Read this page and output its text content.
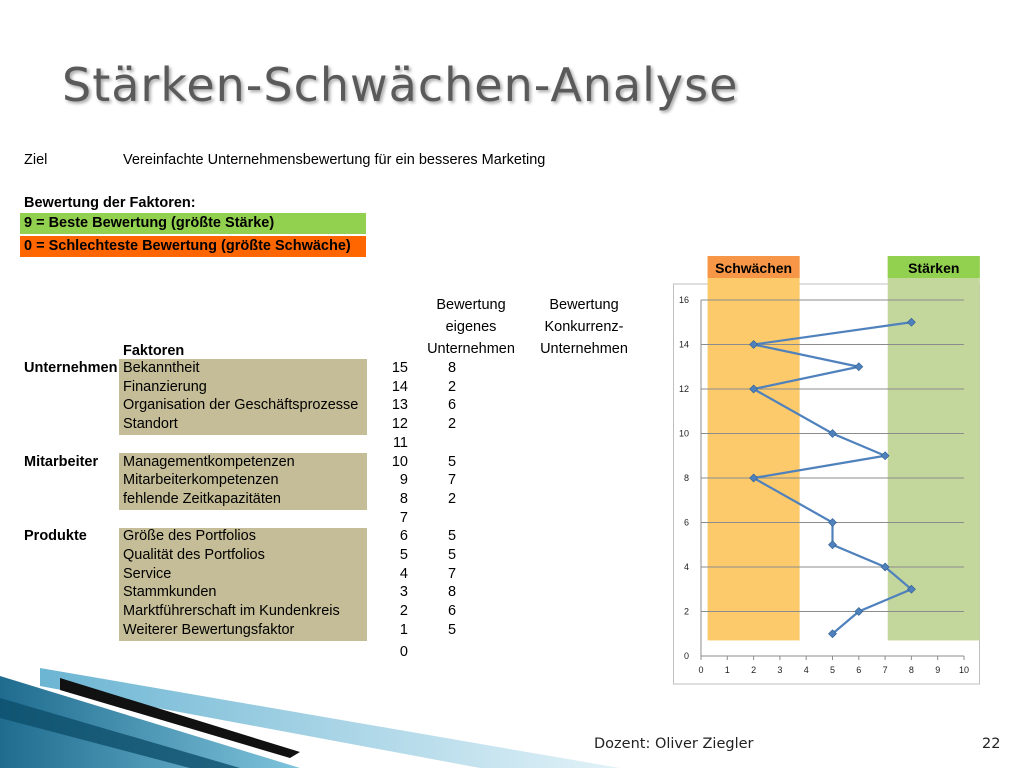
Stärken-Schwächen-Analyse
Ziel	Vereinfachte Unternehmensbewertung für ein besseres Marketing
Bewertung der Faktoren:
9 = Beste Bewertung (größte Stärke)
0 = Schlechteste Bewertung (größte Schwäche)
Faktoren
Bewertung
eigenes
Unternehmen
Bewertung
Konkurrenz-
Unternehmen
Unternehmen Bekanntheit	15	8
Finanzierung	14	2
Organisation der Geschäftsprozesse	13	6
Standort	12	2
11
Mitarbeiter	Managementkompetenzen	10	5
Mitarbeiterkompetenzen	9	7
fehlende Zeitkapazitäten	8	2
7
Produkte	Größe des Portfolios	6	5
Qualität des Portfolios	5	5
Service	4	7
Stammkunden	3	8
Marktführerschaft im Kundenkreis	2	6
Weiterer Bewertungsfaktor	1	5
0
Schwächen	Stärken
0
2
4
6
8
10
12
14
16
0 1 2 3 4 5 6 7 8 9 10
Dozent: Oliver Ziegler	22
